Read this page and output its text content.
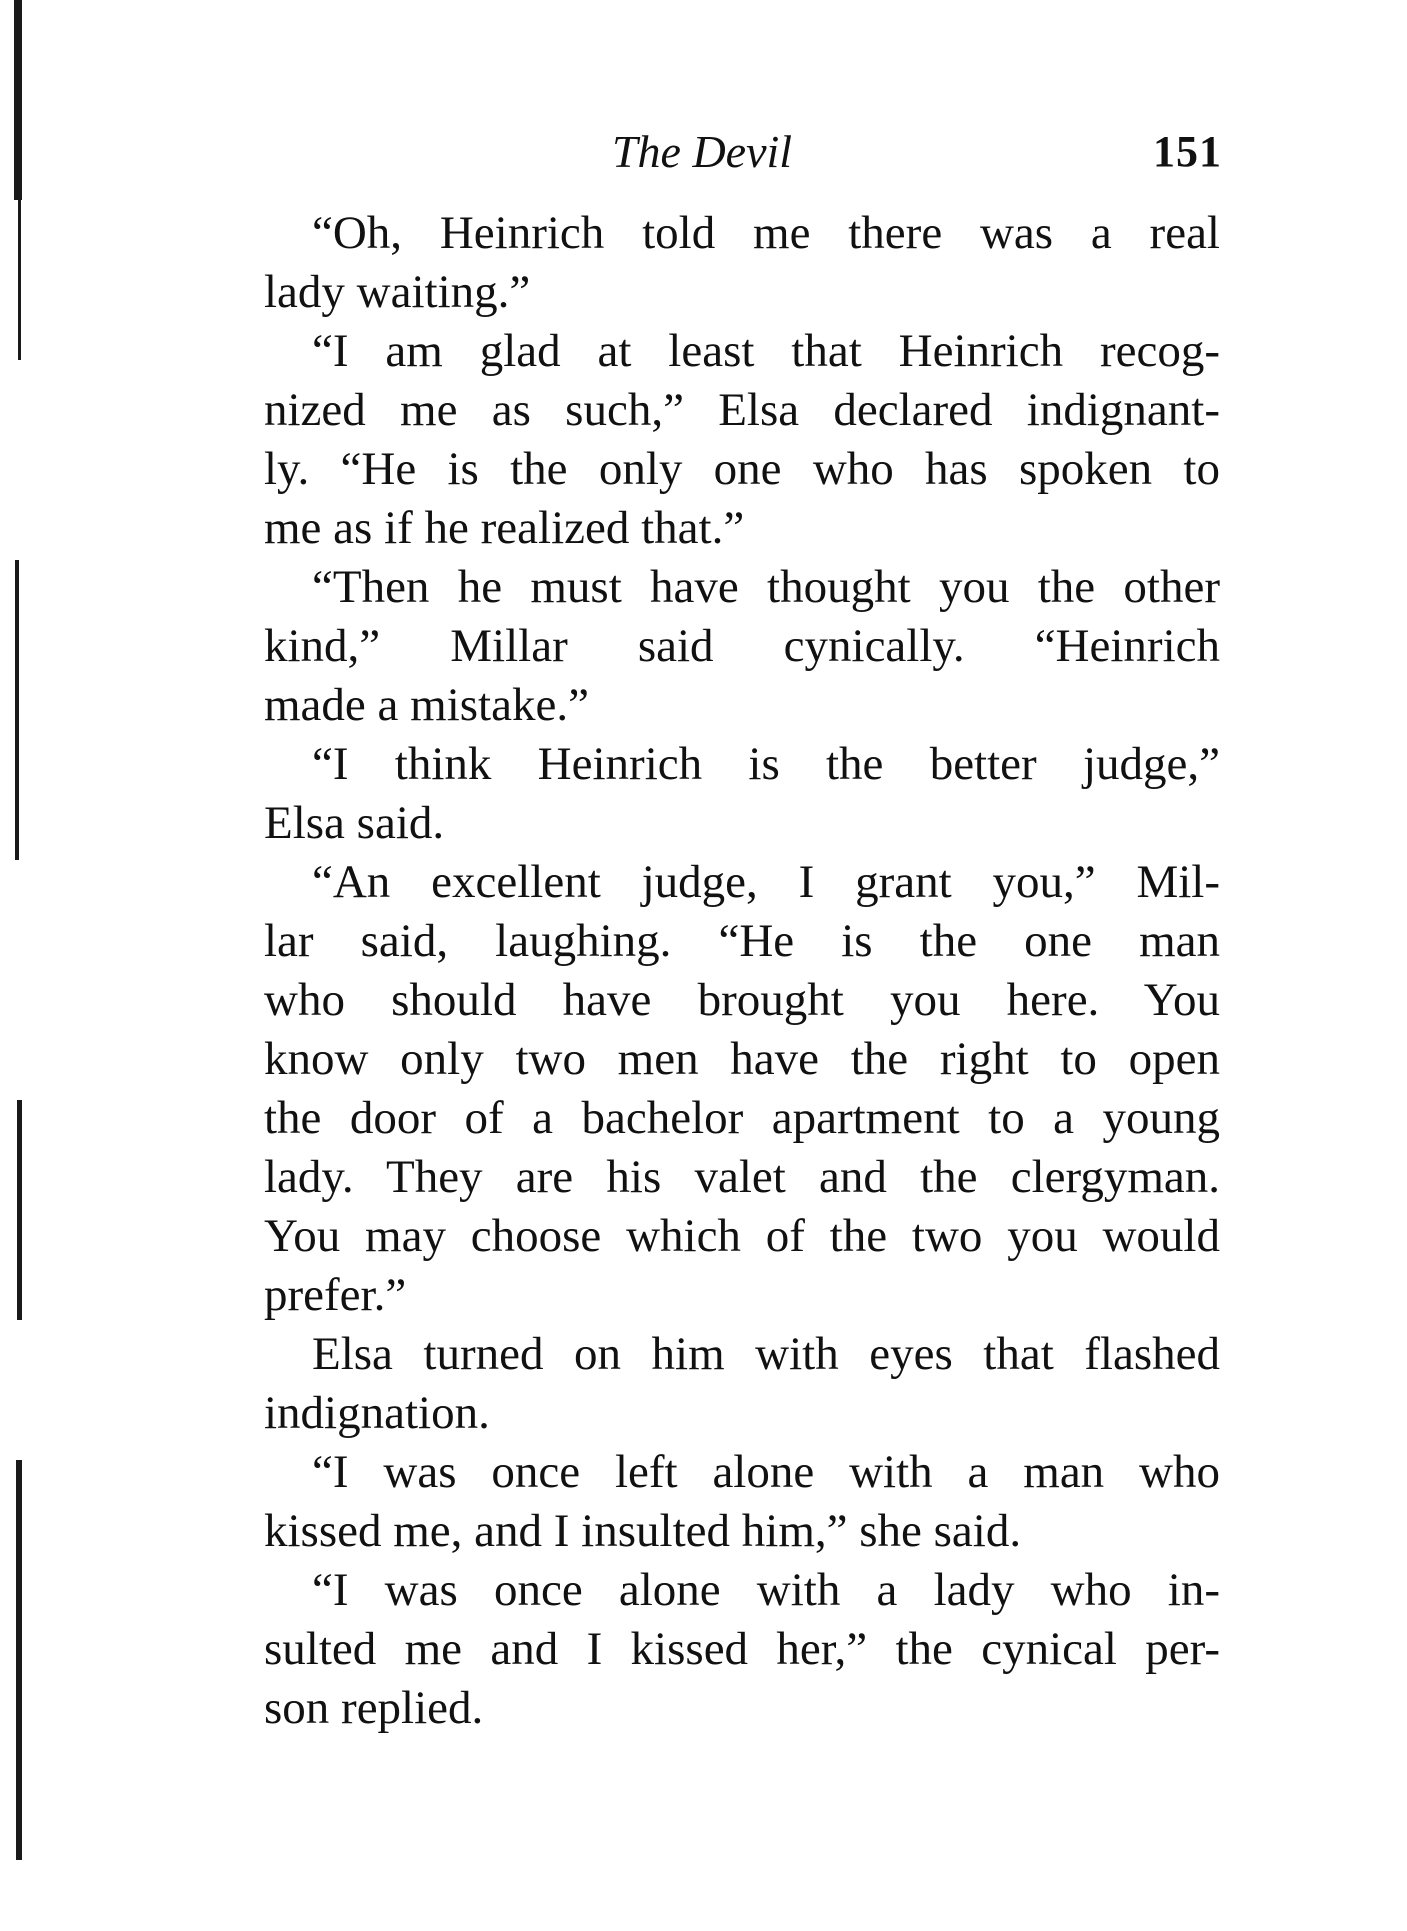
The Devil	151
“Oh, Heinrich told me there was a real
lady waiting.”
“I am glad at least that Heinrich recog-
nized me as such,” Elsa declared indignant-
ly. “He is the only one who has spoken to
me as if he realized that.”
“Then he must have thought you the other
kind,” Millar said cynically. “Heinrich
made a mistake.”
“I think Heinrich is the better judge,”
Elsa said.
“An excellent judge, I grant you,” Mil-
lar said, laughing. “He is the one man
who should have brought you here. You
know only two men have the right to open
the door of a bachelor apartment to a young
lady. They are his valet and the clergyman.
You may choose which of the two you would
prefer.”
Elsa turned on him with eyes that flashed
indignation.
“I was once left alone with a man who
kissed me, and I insulted him,” she said.
“I was once alone with a lady who in-
sulted me and I kissed her,” the cynical per-
son replied.
